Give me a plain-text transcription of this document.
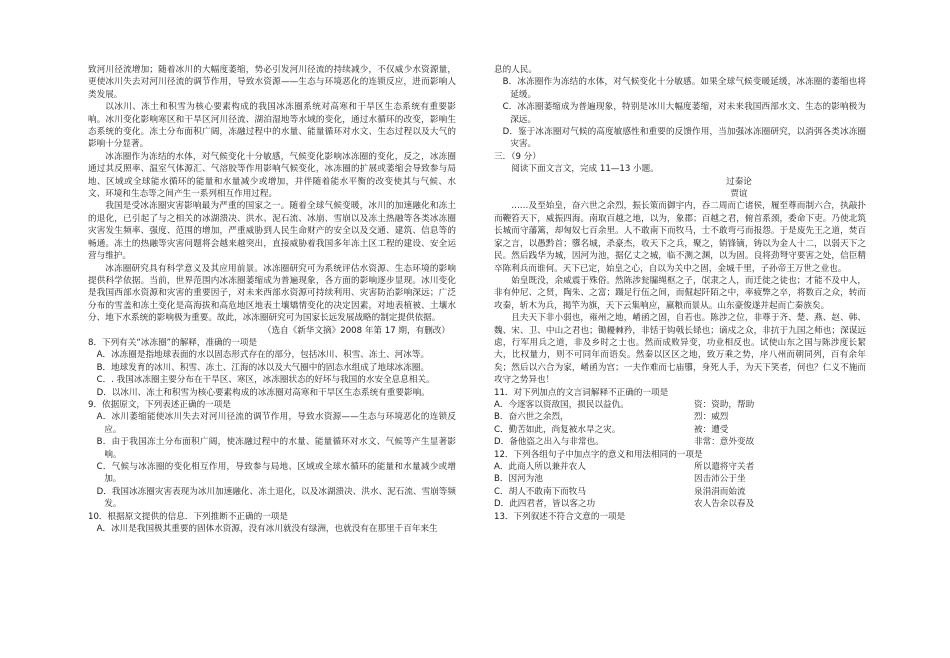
致河川径流增加；随着冰川的大幅度萎缩，势必引发河川径流的持续减少，不仅威少水资源量，更使冰川失去对河川径流的调节作用，导致水资源——生态与环境恶化的连锁反应，进而影响人类发展。

以冰川、冻土和积雪为核心要素构成的我国冰冻圈系统对高寒和干旱区生态系统有重要影响。冰川变化影响寒区和干旱区河川径流、湖泊湿地等水域的变化，通过水循环的改变，影响生态系统的变化。冻土分布面积广阔，冻融过程中的水量、能量循环对水文、生态过程以及大气的影响十分显著。

冰冻圈作为冻结的水体，对气候变化十分敏感，气候变化影响冰冻圈的变化，反之，冰冻圈通过其反照率、温室气体源汇、气溶胶等作用影响气候变化，冰冻圈的扩展或萎缩会导致参与局地、区域或全球能水循环的能量和水量减少或增加，并伴随着能水平衡的改变使其与气候、水文、环境和生态等之间产生一系列相互作用过程。

我国是受冰冻圈灾害影响最为严重的国家之一。随着全球气候变暖，冰川的加速融化和冻土的退化，已引起了与之相关的冰湖溃决、洪水、泥石流、冰崩、雪崩以及冻土热融等各类冰冻圈灾害发生频率、强度、范围的增加，严重威胁到人民生命财产的安全以及交通、建筑、信息等的畅通。冻土的热融等灾害问题将会越来越突出，直接威胁着我国多年冻土区工程的建设、安全运营与维护。

冰冻圈研究具有科学意义及其应用前景。冰冻圈研究可为系统评估水资源、生态环境的影响提供科学依据。当前，世界范围内冰冻圈萎缩成为普遍现象，各方面的影响逐步显现。冰川变化是我国西部水资源和灾害的重要因子，对未来西部水资源可持续利用、灾害防治影响深远；广泛分布的雪盖和冻土变化是高海拔和高危地区地表土壤矯情变化的决定因素，对地表植被、土壤水分、地下水系统的影响极为重要。故此，冰冻圈研究可为国家长远发展战略的制定提供依据。

（选自《新华文摘》2008 年第 17 期，有删改）

8．下列有关“冰冻圈”的解释，准确的一项是

A．冰冻圈是指地球表面的水以固态形式存在的部分，包括冰川、积雪、冻土、河冰等。

B．地球发育的冰川、积雪、冻土、江海的冰以及大气圈中的固态水组成了地球冰冻圈。

C．. 我国冰冻圈主要分布在干旱区、寒区，冰冻圈状态的好坏与我国的水安全息息相关。

D．以冰川、冻土和积雪为核心要素构成的冰冻圈对高寒和干旱区生态系统有重要影响。

9．依据原文，下列表述正确的一项是

A．冰川萎缩能使冰川失去对河川径流的调节作用，导致水资源——生态与环境恶化的连锁反应。

B．由于我国冻土分布面积广阔，使冻融过程中的水量、能量循环对水文、气候等产生显著影响。

C．气候与冰冻圈的变化相互作用，导致参与局地、区域或全球水循环的能量和水量减少或增加。

D．我国冰冻圈灾害表现为冰川加速融化、冻土退化，以及冰湖溃决、洪水、泥石流、雪崩等频发。

10．根据原文提供的信息．下列推断不正确的一项是

A．冰川是我国极其重要的固体水资源，没有冰川就没有绿洲，也就没有在那里千百年来生

息的人民。

B．冰冻圈作为冻结的水体，对气候变化十分敏感。如果全球气候变暖延缓，冰冻圈的萎缩也将延缓。

C．冰冻圈萎缩成为普遍现象，特别是冰川大幅度萎缩，对未来我国西部水文、生态的影响极为深远。

D．鉴于冰冻圈对气候的高度敏感性和重要的反馈作用，当加强冰冻圈研究，以消弭各类冰冻圈灾害。

三．（9 分）

阅读下面文言文，完成 11—13 小题。

过秦论

贾谊

……及至始皇，奋六世之余烈，振长策而御宇内，吞二周而亡诸侯，履至尊而制六合，执敲扑而鞭笞天下，威振四海。南取百越之地，以为，象郡；百越之君，俯首系颈，委命下吏。乃使北筑长城而守藩篱，却匈奴七百余里。人不敢南下而牧马，士不敢弯弓而报怨。于是废先王之道，焚百家之言，以愚黔首；隳名城，杀豪杰，收天下之兵，聚之，销锋镝，铸以为金人十二，以弱天下之民。然后践华为城，因河为池，据亿丈之城，临不测之渊，以为固。良将劲弩守要害之处，信臣精卒陈利兵而谁何。天下已定，始皇之心，自以为关中之固，金城千里，子孙帝王万世之业也。

始皇既没，余威震于殊俗。然陈涉瓮牖绳枢之子，氓隶之人，而迁徙之徒也；才能不及中人，非有仲尼、之贤，陶朱、之富；蹑足行伍之间，而倔起阡陌之中，率疲弊之卒，将数百之众，转而攻秦，斩木为兵，揭竿为旗，天下云集响应，嬴粮而景从。山东豪俊遂并起而亡秦族矣。

且夫天下非小弱也，雍州之地，崤函之固，自若也。陈涉之位，非尊于齐、楚、燕、赵、韩、魏、宋、卫、中山之君也；锄耰棘矜，非铦于钩戟长铩也；谪戍之众，非抗于九国之师也；深谋远虑，行军用兵之道，非及乡时之士也。然而成败异变，功业相反也。试使山东之国与陈涉度长絜大，比权量力，则不可同年而语矣。然秦以区区之地，致万乘之势，序八州而朝同列，百有余年矣；然后以六合为家，崤函为宫；一夫作难而七庙隳，身死人手，为天下笑者，何也？仁义不施而攻守之势异也！

11．对下列加点的文言词解释不正确的一项是

A．今逐客以资敌国，损民以益仇。	资：资助，帮助
B．奋六世之余烈，	烈：威烈
C．勤苦如此，尚复被水旱之灾。	被：遭受
D．备他盗之出入与非常也。	非常：意外变故

12．下列各组句子中加点字的意义和用法相同的一项是

A．此商人所以兼并农人	所以遣将守关者
B．因河为池	因击沛公于坐
C．胡人不敢南下而牧马	泉涓涓而始流
D．此四君者，皆以客之功	农人告余以春及

13．下列叙述不符合文意的一项是
